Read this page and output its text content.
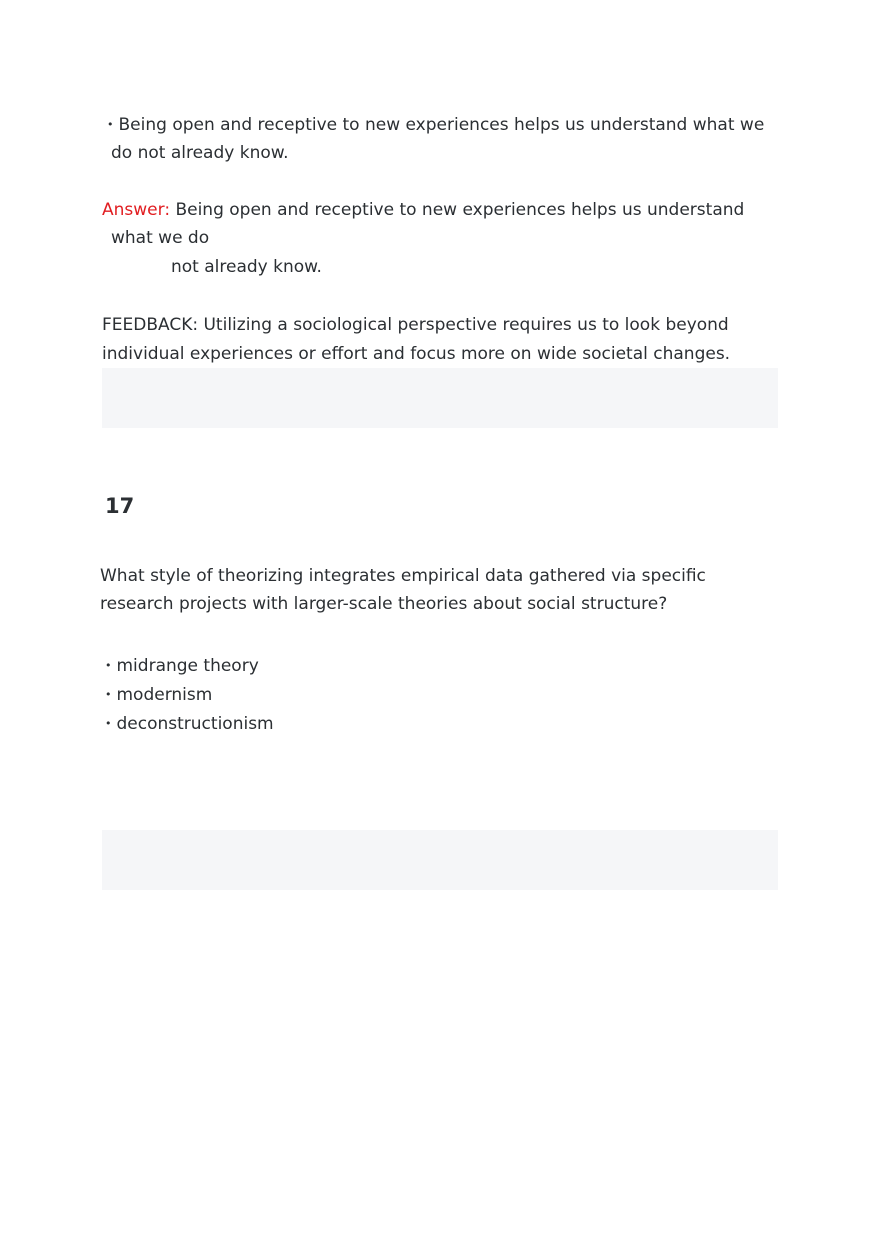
• Being open and receptive to new experiences helps us understand what we
do not already know.
Answer: Being open and receptive to new experiences helps us understand
what we do
not already know.
FEEDBACK: Utilizing a sociological perspective requires us to look beyond
individual experiences or effort and focus more on wide societal changes.
17
What style of theorizing integrates empirical data gathered via specific
research projects with larger-scale theories about social structure?
• midrange theory
• modernism
• deconstructionism
